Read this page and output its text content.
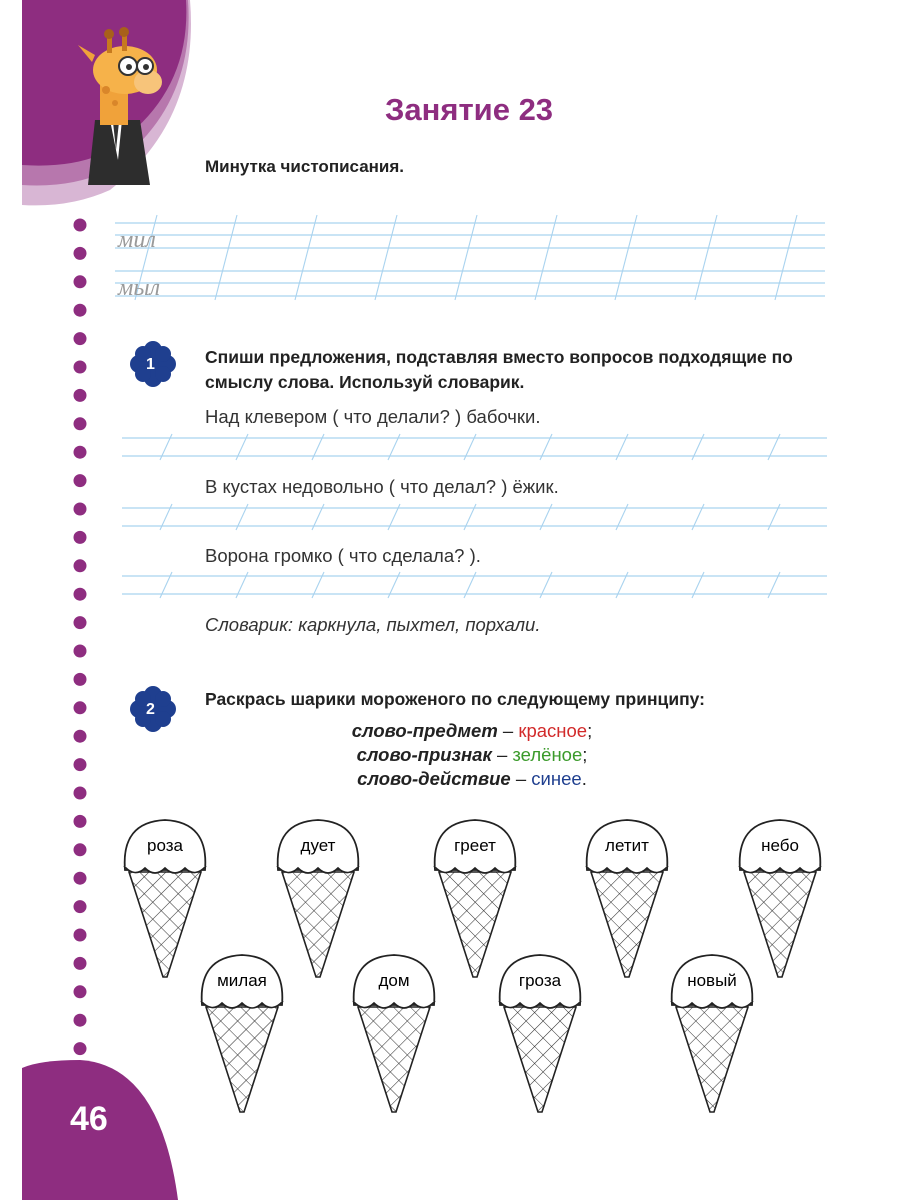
46
Занятие 23
Минутка чистописания.
мил
мыл
1	Спиши предложения, подставляя вместо вопросов подходящие по смыслу слова. Используй словарик.
Над клевером ( что делали? ) бабочки.
В кустах недовольно ( что делал? ) ёжик.
Ворона громко ( что сделала? ).
Словарик: каркнула, пыхтел, порхали.
2
Раскрась шарики мороженого по следующему принципу:
слово-предмет – красное;
слово-признак – зелёное;
слово-действие – синее.
роза	дует	греет	летит	небо
милая	дом	гроза	новый
